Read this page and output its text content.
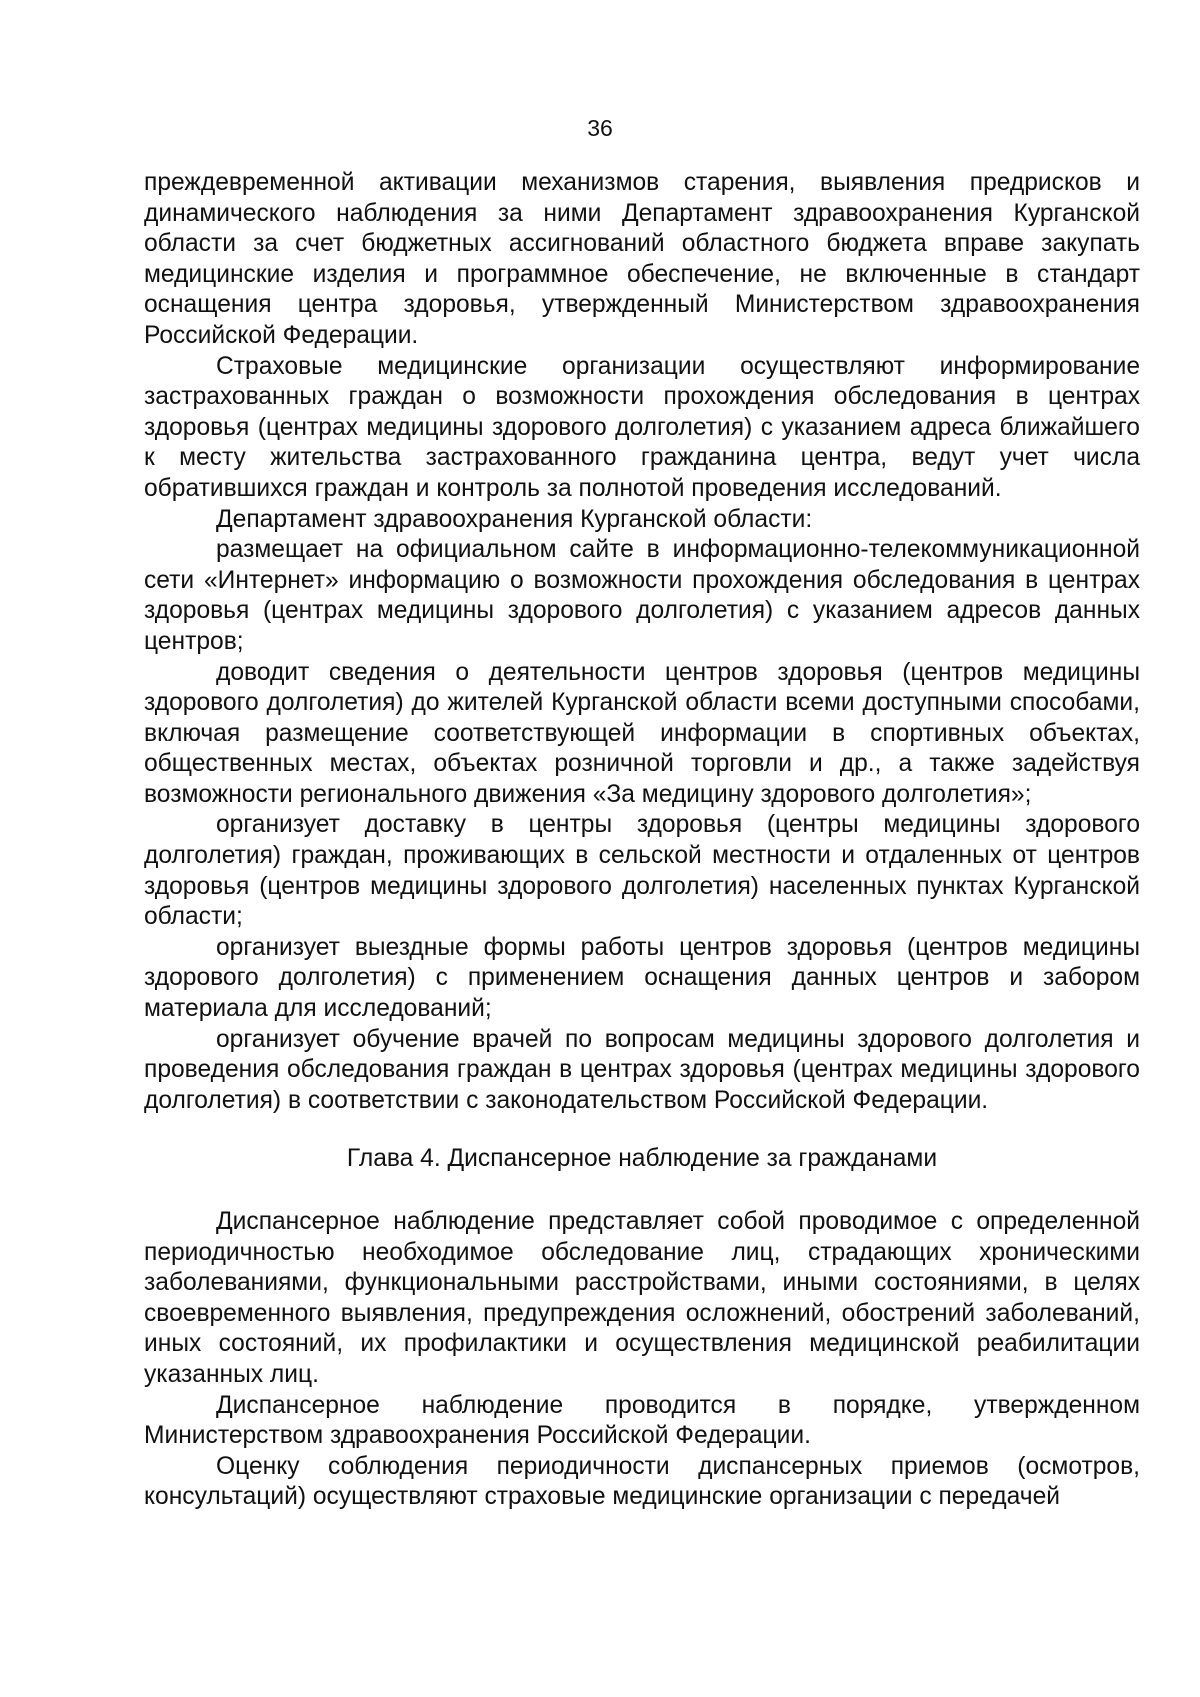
36

преждевременной активации механизмов старения, выявления предрисков и динамического наблюдения за ними Департамент здравоохранения Курганской области за счет бюджетных ассигнований областного бюджета вправе закупать медицинские изделия и программное обеспечение, не включенные в стандарт оснащения центра здоровья, утвержденный Министерством здравоохранения Российской Федерации.

Страховые медицинские организации осуществляют информирование застрахованных граждан о возможности прохождения обследования в центрах здоровья (центрах медицины здорового долголетия) с указанием адреса ближайшего к месту жительства застрахованного гражданина центра, ведут учет числа обратившихся граждан и контроль за полнотой проведения исследований.

Департамент здравоохранения Курганской области:

размещает на официальном сайте в информационно-телекоммуникационной сети «Интернет» информацию о возможности прохождения обследования в центрах здоровья (центрах медицины здорового долголетия) с указанием адресов данных центров;

доводит сведения о деятельности центров здоровья (центров медицины здорового долголетия) до жителей Курганской области всеми доступными способами, включая размещение соответствующей информации в спортивных объектах, общественных местах, объектах розничной торговли и др., а также задействуя возможности регионального движения «За медицину здорового долголетия»;

организует доставку в центры здоровья (центры медицины здорового долголетия) граждан, проживающих в сельской местности и отдаленных от центров здоровья (центров медицины здорового долголетия) населенных пунктах Курганской области;

организует выездные формы работы центров здоровья (центров медицины здорового долголетия) с применением оснащения данных центров и забором материала для исследований;

организует обучение врачей по вопросам медицины здорового долголетия и проведения обследования граждан в центрах здоровья (центрах медицины здорового долголетия) в соответствии с законодательством Российской Федерации.

Глава 4. Диспансерное наблюдение за гражданами

Диспансерное наблюдение представляет собой проводимое с определенной периодичностью необходимое обследование лиц, страдающих хроническими заболеваниями, функциональными расстройствами, иными состояниями, в целях своевременного выявления, предупреждения осложнений, обострений заболеваний, иных состояний, их профилактики и осуществления медицинской реабилитации указанных лиц.

Диспансерное наблюдение проводится в порядке, утвержденном Министерством здравоохранения Российской Федерации.

Оценку соблюдения периодичности диспансерных приемов (осмотров, консультаций) осуществляют страховые медицинские организации с передачей
